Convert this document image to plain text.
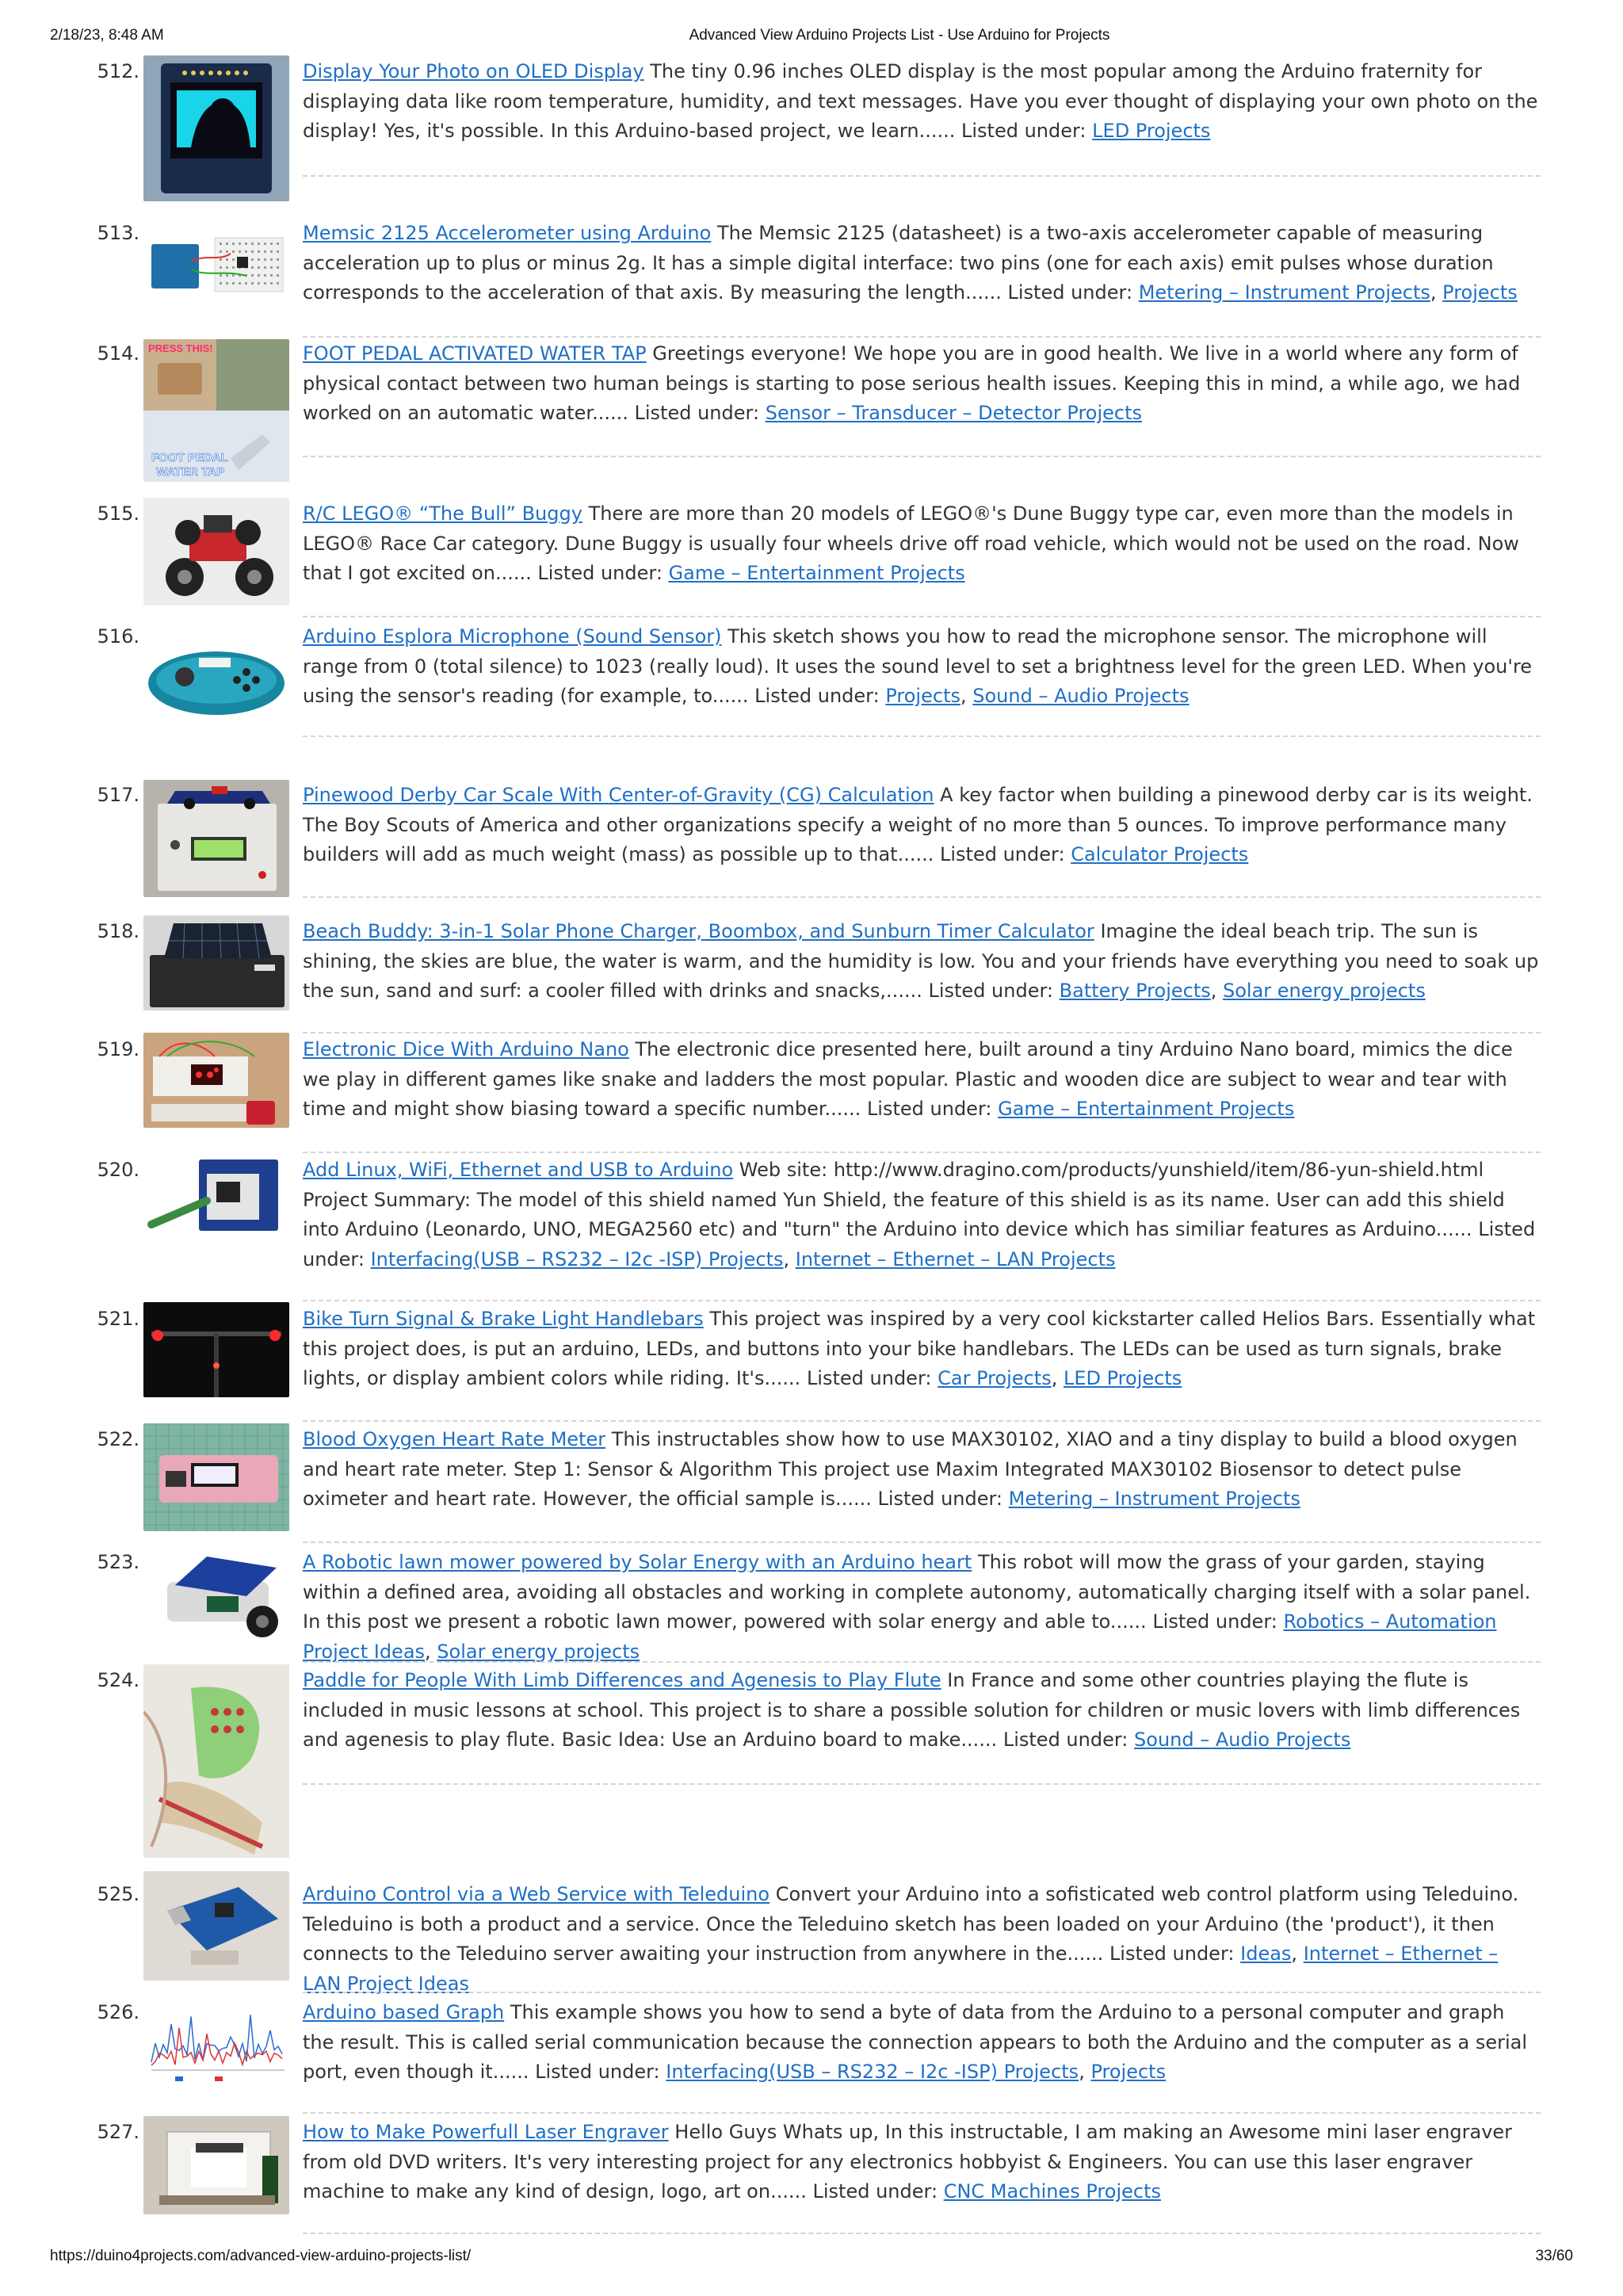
2/18/23, 8:48 AM	Advanced View Arduino Projects List - Use Arduino for Projects
512.	Display Your Photo on OLED Display The tiny 0.96 inches OLED display is the most popular among the Arduino fraternity for displaying data like room temperature, humidity, and text messages. Have you ever thought of displaying your own photo on the display! Yes, it's possible. In this Arduino-based project, we learn...... Listed under: LED Projects
513.	Memsic 2125 Accelerometer using Arduino The Memsic 2125 (datasheet) is a two-axis accelerometer capable of measuring acceleration up to plus or minus 2g. It has a simple digital interface: two pins (one for each axis) emit pulses whose duration corresponds to the acceleration of that axis. By measuring the length...... Listed under: Metering – Instrument Projects, Projects
514. PRESS THIS!
FOOT PEDAL
WATER TAP
FOOT PEDAL ACTIVATED WATER TAP Greetings everyone! We hope you are in good health. We live in a world where any form of physical contact between two human beings is starting to pose serious health issues. Keeping this in mind, a while ago, we had worked on an automatic water...... Listed under: Sensor – Transducer – Detector Projects
515.	R/C LEGO® “The Bull” Buggy There are more than 20 models of LEGO®'s Dune Buggy type car, even more than the models in LEGO® Race Car category. Dune Buggy is usually four wheels drive off road vehicle, which would not be used on the road. Now that I got excited on...... Listed under: Game – Entertainment Projects
516.	Arduino Esplora Microphone (Sound Sensor) This sketch shows you how to read the microphone sensor. The microphone will range from 0 (total silence) to 1023 (really loud). It uses the sound level to set a brightness level for the green LED. When you're using the sensor's reading (for example, to...... Listed under: Projects, Sound – Audio Projects
517.	Pinewood Derby Car Scale With Center-of-Gravity (CG) Calculation A key factor when building a pinewood derby car is its weight. The Boy Scouts of America and other organizations specify a weight of no more than 5 ounces. To improve performance many builders will add as much weight (mass) as possible up to that...... Listed under: Calculator Projects
518.	Beach Buddy: 3-in-1 Solar Phone Charger, Boombox, and Sunburn Timer Calculator Imagine the ideal beach trip. The sun is shining, the skies are blue, the water is warm, and the humidity is low. You and your friends have everything you need to soak up the sun, sand and surf: a cooler filled with drinks and snacks,...... Listed under: Battery Projects, Solar energy projects
519.	Electronic Dice With Arduino Nano The electronic dice presented here, built around a tiny Arduino Nano board, mimics the dice we play in different games like snake and ladders the most popular. Plastic and wooden dice are subject to wear and tear with time and might show biasing toward a specific number...... Listed under: Game – Entertainment Projects
520.	Add Linux, WiFi, Ethernet and USB to Arduino Web site: http://www.dragino.com/products/yunshield/item/86-yun-shield.html Project Summary: The model of this shield named Yun Shield, the feature of this shield is as its name. User can add this shield into Arduino (Leonardo, UNO, MEGA2560 etc) and "turn" the Arduino into device which has similiar features as Arduino...... Listed under: Interfacing(USB – RS232 – I2c -ISP) Projects, Internet – Ethernet – LAN Projects
521.	Bike Turn Signal & Brake Light Handlebars This project was inspired by a very cool kickstarter called Helios Bars. Essentially what this project does, is put an arduino, LEDs, and buttons into your bike handlebars. The LEDs can be used as turn signals, brake lights, or display ambient colors while riding. It's...... Listed under: Car Projects, LED Projects
522.	Blood Oxygen Heart Rate Meter This instructables show how to use MAX30102, XIAO and a tiny display to build a blood oxygen and heart rate meter. Step 1: Sensor & Algorithm This project use Maxim Integrated MAX30102 Biosensor to detect pulse oximeter and heart rate. However, the official sample is...... Listed under: Metering – Instrument Projects
523.	A Robotic lawn mower powered by Solar Energy with an Arduino heart This robot will mow the grass of your garden, staying within a defined area, avoiding all obstacles and working in complete autonomy, automatically charging itself with a solar panel. In this post we present a robotic lawn mower, powered with solar energy and able to...... Listed under: Robotics – Automation Project Ideas, Solar energy projects
524.	Paddle for People With Limb Differences and Agenesis to Play Flute In France and some other countries playing the flute is included in music lessons at school. This project is to share a possible solution for children or music lovers with limb differences and agenesis to play flute. Basic Idea: Use an Arduino board to make...... Listed under: Sound – Audio Projects
525.	Arduino Control via a Web Service with Teleduino Convert your Arduino into a sofisticated web control platform using Teleduino. Teleduino is both a product and a service. Once the Teleduino sketch has been loaded on your Arduino (the 'product'), it then connects to the Teleduino server awaiting your instruction from anywhere in the...... Listed under: Ideas, Internet – Ethernet – LAN Project Ideas
526.	Arduino based Graph This example shows you how to send a byte of data from the Arduino to a personal computer and graph the result. This is called serial communication because the connection appears to both the Arduino and the computer as a serial port, even though it...... Listed under: Interfacing(USB – RS232 – I2c -ISP) Projects, Projects
527.	How to Make Powerfull Laser Engraver Hello Guys Whats up, In this instructable, I am making an Awesome mini laser engraver from old DVD writers. It's very interesting project for any electronics hobbyist & Engineers. You can use this laser engraver machine to make any kind of design, logo, art on...... Listed under: CNC Machines Projects
https://duino4projects.com/advanced-view-arduino-projects-list/	33/60
